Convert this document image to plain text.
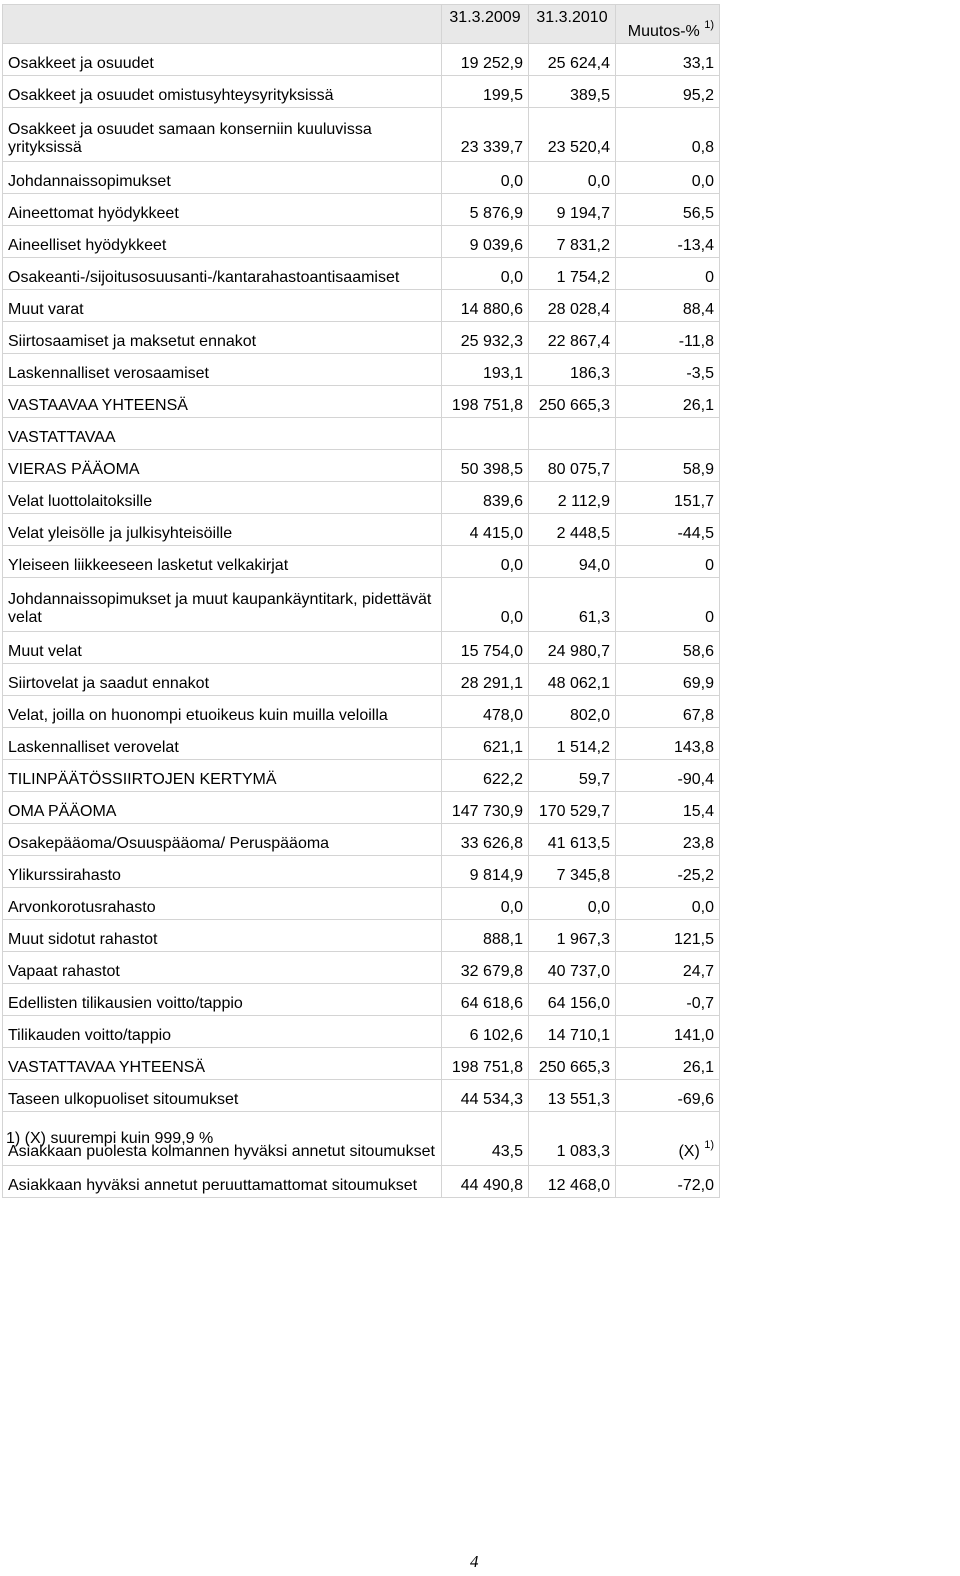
	31.3.2009	31.3.2010	Muutos-% $^{1)}$
Osakkeet ja osuudet	19 252,9	25 624,4	33,1
Osakkeet ja osuudet omistusyhteysyrityksissä	199,5	389,5	95,2
Osakkeet ja osuudet samaan konserniin kuuluvissa yrityksissä	23 339,7	23 520,4	0,8
Johdannaissopimukset	0,0	0,0	0,0
Aineettomat hyödykkeet	5 876,9	9 194,7	56,5
Aineelliset hyödykkeet	9 039,6	7 831,2	-13,4
Osakeanti-/sijoitusosuusanti-/kantarahastoantisaamiset	0,0	1 754,2	0
Muut varat	14 880,6	28 028,4	88,4
Siirtosaamiset ja maksetut ennakot	25 932,3	22 867,4	-11,8
Laskennalliset verosaamiset	193,1	186,3	-3,5
VASTAAVAA YHTEENSÄ	198 751,8	250 665,3	26,1
VASTATTAVAA			
VIERAS PÄÄOMA	50 398,5	80 075,7	58,9
Velat luottolaitoksille	839,6	2 112,9	151,7
Velat yleisölle ja julkisyhteisöille	4 415,0	2 448,5	-44,5
Yleiseen liikkeeseen lasketut velkakirjat	0,0	94,0	0
Johdannaissopimukset ja muut kaupankäyntitark, pidettävät velat	0,0	61,3	0
Muut velat	15 754,0	24 980,7	58,6
Siirtovelat ja saadut ennakot	28 291,1	48 062,1	69,9
Velat, joilla on huonompi etuoikeus kuin muilla veloilla	478,0	802,0	67,8
Laskennalliset verovelat	621,1	1 514,2	143,8
TILINPÄÄTÖSSIIRTOJEN KERTYMÄ	622,2	59,7	-90,4
OMA PÄÄOMA	147 730,9	170 529,7	15,4
Osakepääoma/Osuuspääoma/ Peruspääoma	33 626,8	41 613,5	23,8
Ylikurssirahasto	9 814,9	7 345,8	-25,2
Arvonkorotusrahasto	0,0	0,0	0,0
Muut sidotut rahastot	888,1	1 967,3	121,5
Vapaat rahastot	32 679,8	40 737,0	24,7
Edellisten tilikausien voitto/tappio	64 618,6	64 156,0	-0,7
Tilikauden voitto/tappio	6 102,6	14 710,1	141,0
VASTATTAVAA YHTEENSÄ	198 751,8	250 665,3	26,1
Taseen ulkopuoliset sitoumukset	44 534,3	13 551,3	-69,6
Asiakkaan puolesta kolmannen hyväksi annetut sitoumukset	43,5	1 083,3	(X) $^{1)}$
Asiakkaan hyväksi annetut peruuttamattomat sitoumukset	44 490,8	12 468,0	-72,0
1) (X) suurempi kuin 999,9 %
4
